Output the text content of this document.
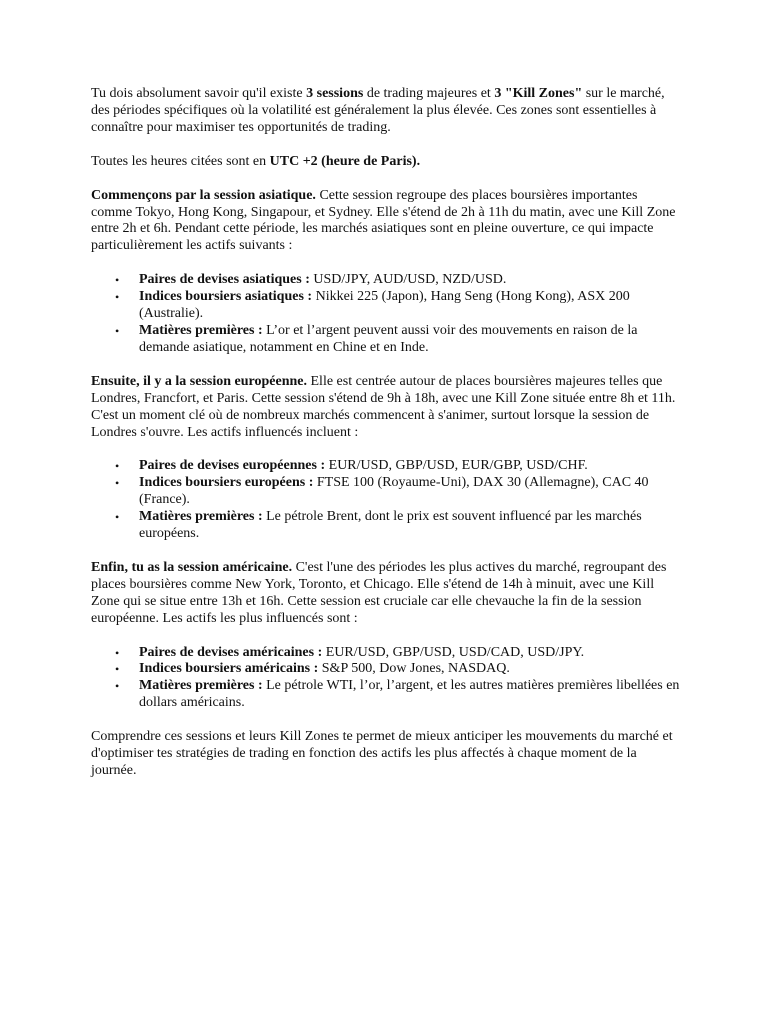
Tu dois absolument savoir qu'il existe 3 sessions de trading majeures et 3 "Kill Zones" sur le marché, des périodes spécifiques où la volatilité est généralement la plus élevée. Ces zones sont essentielles à connaître pour maximiser tes opportunités de trading.

Toutes les heures citées sont en UTC +2 (heure de Paris).

Commençons par la session asiatique. Cette session regroupe des places boursières importantes comme Tokyo, Hong Kong, Singapour, et Sydney. Elle s'étend de 2h à 11h du matin, avec une Kill Zone entre 2h et 6h. Pendant cette période, les marchés asiatiques sont en pleine ouverture, ce qui impacte particulièrement les actifs suivants :

• Paires de devises asiatiques : USD/JPY, AUD/USD, NZD/USD.
• Indices boursiers asiatiques : Nikkei 225 (Japon), Hang Seng (Hong Kong), ASX 200 (Australie).
• Matières premières : L’or et l’argent peuvent aussi voir des mouvements en raison de la demande asiatique, notamment en Chine et en Inde.

Ensuite, il y a la session européenne. Elle est centrée autour de places boursières majeures telles que Londres, Francfort, et Paris. Cette session s'étend de 9h à 18h, avec une Kill Zone située entre 8h et 11h. C'est un moment clé où de nombreux marchés commencent à s'animer, surtout lorsque la session de Londres s'ouvre. Les actifs influencés incluent :

• Paires de devises européennes : EUR/USD, GBP/USD, EUR/GBP, USD/CHF.
• Indices boursiers européens : FTSE 100 (Royaume-Uni), DAX 30 (Allemagne), CAC 40 (France).
• Matières premières : Le pétrole Brent, dont le prix est souvent influencé par les marchés européens.

Enfin, tu as la session américaine. C'est l'une des périodes les plus actives du marché, regroupant des places boursières comme New York, Toronto, et Chicago. Elle s'étend de 14h à minuit, avec une Kill Zone qui se situe entre 13h et 16h. Cette session est cruciale car elle chevauche la fin de la session européenne. Les actifs les plus influencés sont :

• Paires de devises américaines : EUR/USD, GBP/USD, USD/CAD, USD/JPY.
• Indices boursiers américains : S&P 500, Dow Jones, NASDAQ.
• Matières premières : Le pétrole WTI, l’or, l’argent, et les autres matières premières libellées en dollars américains.

Comprendre ces sessions et leurs Kill Zones te permet de mieux anticiper les mouvements du marché et d'optimiser tes stratégies de trading en fonction des actifs les plus affectés à chaque moment de la journée.
